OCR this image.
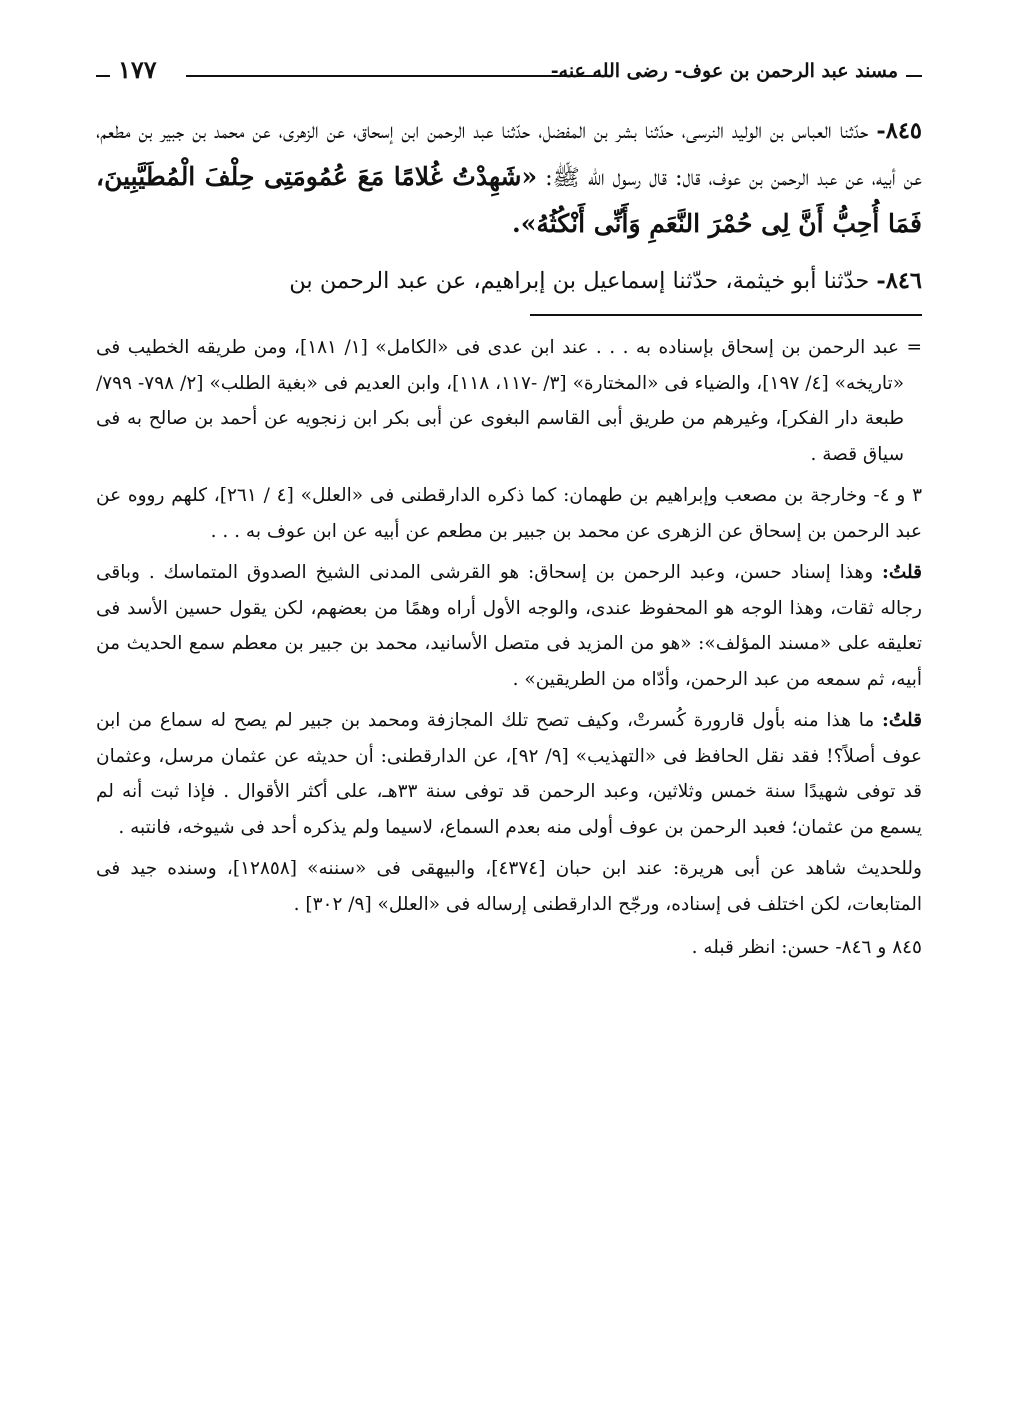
مسند عبد الرحمن بن عوف- رضى الله عنه-
١٧٧

٨٤٥- حدّثنا العباس بن الوليد النرسى، حدّثنا بشر بن المفضل، حدّثنا عبد الرحمن ابن إسحاق، عن الزهرى، عن محمد بن جبير بن مطعم، عن أبيه، عن عبد الرحمن بن عوف، قال: قال رسول الله ﷺ: «شَهِدْتُ غُلامًا مَعَ عُمُومَتِى حِلْفَ الْمُطَيَّبِينَ، فَمَا أُحِبُّ أَنَّ لِى حُمْرَ النَّعَمِ وَأَنِّى أَنْكُثُهُ».

٨٤٦- حدّثنا أبو خيثمة، حدّثنا إسماعيل بن إبراهيم، عن عبد الرحمن بن

= عبد الرحمن بن إسحاق بإسناده به . . . عند ابن عدى فى «الكامل» [١/ ١٨١]، ومن طريقه الخطيب فى «تاريخه» [٤/ ١٩٧]، والضياء فى «المختارة» [٣/ -١١٧، ١١٨]، وابن العديم فى «بغية الطلب» [٢/ ٧٩٨- ٧٩٩/ طبعة دار الفكر]، وغيرهم من طريق أبى القاسم البغوى عن أبى بكر ابن زنجويه عن أحمد بن صالح به فى سياق قصة .

٣ و ٤- وخارجة بن مصعب وإبراهيم بن طهمان: كما ذكره الدارقطنى فى «العلل» [٤ / ٢٦١]، كلهم رووه عن عبد الرحمن بن إسحاق عن الزهرى عن محمد بن جبير بن مطعم عن أبيه عن ابن عوف به . . .

قلتُ: وهذا إسناد حسن، وعبد الرحمن بن إسحاق: هو القرشى المدنى الشيخ الصدوق المتماسك . وباقى رجاله ثقات، وهذا الوجه هو المحفوظ عندى، والوجه الأول أراه وهمًا من بعضهم، لكن يقول حسين الأسد فى تعليقه على «مسند المؤلف»: «هو من المزيد فى متصل الأسانيد، محمد بن جبير بن معطم سمع الحديث من أبيه، ثم سمعه من عبد الرحمن، وأدّاه من الطريقين» .

قلتُ: ما هذا منه بأول قارورة كُسرتْ، وكيف تصح تلك المجازفة ومحمد بن جبير لم يصح له سماع من ابن عوف أصلاً؟! فقد نقل الحافظ فى «التهذيب» [٩/ ٩٢]، عن الدارقطنى: أن حديثه عن عثمان مرسل، وعثمان قد توفى شهيدًا سنة خمس وثلاثين، وعبد الرحمن قد توفى سنة ٣٣هـ، على أكثر الأقوال . فإذا ثبت أنه لم يسمع من عثمان؛ فعبد الرحمن بن عوف أولى منه بعدم السماع، لاسيما ولم يذكره أحد فى شيوخه، فانتبه .

وللحديث شاهد عن أبى هريرة: عند ابن حبان [٤٣٧٤]، والبيهقى فى «سننه» [١٢٨٥٨]، وسنده جيد فى المتابعات، لكن اختلف فى إسناده، ورجّح الدارقطنى إرساله فى «العلل» [٩/ ٣٠٢] .

٨٤٥ و ٨٤٦- حسن: انظر قبله .
